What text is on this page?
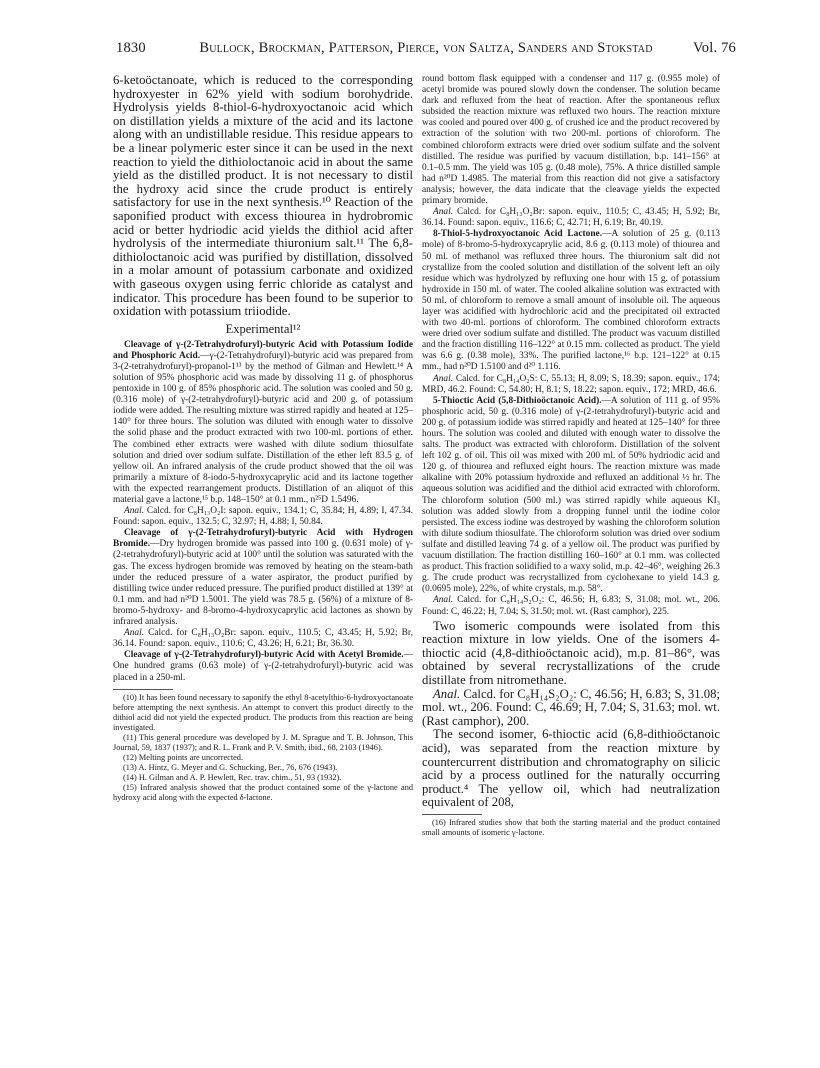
1830	Bullock, Brockman, Patterson, Pierce, von Saltza, Sanders and Stokstad	Vol. 76

6-ketoöctanoate, which is reduced to the corresponding hydroxyester in 62% yield with sodium borohydride. Hydrolysis yields 8-thiol-6-hydroxyoctanoic acid which on distillation yields a mixture of the acid and its lactone along with an undistillable residue. This residue appears to be a linear polymeric ester since it can be used in the next reaction to yield the dithioloctanoic acid in about the same yield as the distilled product. It is not necessary to distil the hydroxy acid since the crude product is entirely satisfactory for use in the next synthesis.¹⁰ Reaction of the saponified product with excess thiourea in hydrobromic acid or better hydriodic acid yields the dithiol acid after hydrolysis of the intermediate thiuronium salt.¹¹ The 6,8-dithioloctanoic acid was purified by distillation, dissolved in a molar amount of potassium carbonate and oxidized with gaseous oxygen using ferric chloride as catalyst and indicator. This procedure has been found to be superior to oxidation with potassium triiodide.

Experimental¹²

Cleavage of γ-(2-Tetrahydrofuryl)-butyric Acid with Potassium Iodide and Phosphoric Acid.—γ-(2-Tetrahydrofuryl)-butyric acid was prepared from 3-(2-tetrahydrofuryl)-propanol-1¹³ by the method of Gilman and Hewlett.¹⁴ A solution of 95% phosphoric acid was made by dissolving 11 g. of phosphorus pentoxide in 100 g. of 85% phosphoric acid. The solution was cooled and 50 g. (0.316 mole) of γ-(2-tetrahydrofuryl)-butyric acid and 200 g. of potassium iodide were added. The resulting mixture was stirred rapidly and heated at 125–140° for three hours. The solution was diluted with enough water to dissolve the solid phase and the product extracted with two 100-ml. portions of ether. The combined ether extracts were washed with dilute sodium thiosulfate solution and dried over sodium sulfate. Distillation of the ether left 83.5 g. of yellow oil. An infrared analysis of the crude product showed that the oil was primarily a mixture of 8-iodo-5-hydroxycaprylic acid and its lactone together with the expected rearrangement products. Distillation of an aliquot of this material gave a lactone,¹⁵ b.p. 148–150° at 0.1 mm., n²⁵D 1.5496.

Anal. Calcd. for C₈H₁₃O₂I: sapon. equiv., 134.1; C, 35.84; H, 4.89; I, 47.34. Found: sapon. equiv., 132.5; C, 32.97; H, 4.88; I, 50.84.

Cleavage of γ-(2-Tetrahydrofuryl)-butyric Acid with Hydrogen Bromide.—Dry hydrogen bromide was passed into 100 g. (0.631 mole) of γ-(2-tetrahydrofuryl)-butyric acid at 100° until the solution was saturated with the gas. The excess hydrogen bromide was removed by heating on the steam-bath under the reduced pressure of a water aspirator, the product purified by distilling twice under reduced pressure. The purified product distilled at 139° at 0.1 mm. and had n²⁰D 1.5001. The yield was 78.5 g. (56%) of a mixture of 8-bromo-5-hydroxy- and 8-bromo-4-hydroxycaprylic acid lactones as shown by infrared analysis.

Anal. Calcd. for C₈H₁₃O₂Br: sapon. equiv., 110.5; C, 43.45; H, 5.92; Br, 36.14. Found: sapon. equiv., 110.6; C, 43.26; H, 6.21; Br, 36.30.

Cleavage of γ-(2-Tetrahydrofuryl)-butyric Acid with Acetyl Bromide.—One hundred grams (0.63 mole) of γ-(2-tetrahydrofuryl)-butyric acid was placed in a 250-ml.

(10) It has been found necessary to saponify the ethyl 8-acetylthio-6-hydroxyoctanoate before attempting the next synthesis. An attempt to convert this product directly to the dithiol acid did not yield the expected product. The products from this reaction are being investigated.

(11) This general procedure was developed by J. M. Sprague and T. B. Johnson, This Journal, 59, 1837 (1937); and R. L. Frank and P. V. Smith, ibid., 68, 2103 (1946).

(12) Melting points are uncorrected.

(13) A. Hintz, G. Meyer and G. Schucking, Ber., 76, 676 (1943).

(14) H. Gilman and A. P. Hewlett, Rec. trav. chim., 51, 93 (1932).

(15) Infrared analysis showed that the product contained some of the γ-lactone and hydroxy acid along with the expected δ-lactone.

round bottom flask equipped with a condenser and 117 g. (0.955 mole) of acetyl bromide was poured slowly down the condenser. The solution became dark and refluxed from the heat of reaction. After the spontaneous reflux subsided the reaction mixture was refluxed two hours. The reaction mixture was cooled and poured over 400 g. of crushed ice and the product recovered by extraction of the solution with two 200-ml. portions of chloroform. The combined chloroform extracts were dried over sodium sulfate and the solvent distilled. The residue was purified by vacuum distillation, b.p. 141–156° at 0.1–0.5 mm. The yield was 105 g. (0.48 mole), 75%. A thrice distilled sample had n²⁰D 1.4985. The material from this reaction did not give a satisfactory analysis; however, the data indicate that the cleavage yields the expected primary bromide.

Anal. Calcd. for C₈H₁₃O₂Br: sapon. equiv., 110.5; C, 43.45; H, 5.92; Br, 36.14. Found: sapon. equiv., 116.6; C, 42.71; H, 6.19; Br, 40.19.

8-Thiol-5-hydroxyoctanoic Acid Lactone.—A solution of 25 g. (0.113 mole) of 8-bromo-5-hydroxycaprylic acid, 8.6 g. (0.113 mole) of thiourea and 50 ml. of methanol was refluxed three hours. The thiuronium salt did not crystallize from the cooled solution and distillation of the solvent left an oily residue which was hydrolyzed by refluxing one hour with 15 g. of potassium hydroxide in 150 ml. of water. The cooled alkaline solution was extracted with 50 ml. of chloroform to remove a small amount of insoluble oil. The aqueous layer was acidified with hydrochloric acid and the precipitated oil extracted with two 40-ml. portions of chloroform. The combined chloroform extracts were dried over sodium sulfate and distilled. The product was vacuum distilled and the fraction distilling 116–122° at 0.15 mm. collected as product. The yield was 6.6 g. (0.38 mole), 33%. The purified lactone,¹⁶ b.p. 121–122° at 0.15 mm., had n²⁰D 1.5100 and d²⁰ 1.116.

Anal. Calcd. for C₈H₁₄O₂S: C, 55.13; H, 8.09; S, 18.39; sapon. equiv., 174; MRD, 46.2. Found: C, 54.80; H, 8.1; S, 18.22; sapon. equiv., 172; MRD, 46.6.

5-Thioctic Acid (5,8-Dithioöctanoic Acid).—A solution of 111 g. of 95% phosphoric acid, 50 g. (0.316 mole) of γ-(2-tetrahydrofuryl)-butyric acid and 200 g. of potassium iodide was stirred rapidly and heated at 125–140° for three hours. The solution was cooled and diluted with enough water to dissolve the salts. The product was extracted with chloroform. Distillation of the solvent left 102 g. of oil. This oil was mixed with 200 ml. of 50% hydriodic acid and 120 g. of thiourea and refluxed eight hours. The reaction mixture was made alkaline with 20% potassium hydroxide and refluxed an additional ½ hr. The aqueous solution was acidified and the dithiol acid extracted with chloroform. The chloroform solution (500 ml.) was stirred rapidly while aqueous KI₃ solution was added slowly from a dropping funnel until the iodine color persisted. The excess iodine was destroyed by washing the chloroform solution with dilute sodium thiosulfate. The chloroform solution was dried over sodium sulfate and distilled leaving 74 g. of a yellow oil. The product was purified by vacuum distillation. The fraction distilling 160–160° at 0.1 mm. was collected as product. This fraction solidified to a waxy solid, m.p. 42–46°, weighing 26.3 g. The crude product was recrystallized from cyclohexane to yield 14.3 g. (0.0695 mole), 22%, of white crystals, m.p. 58°.

Anal. Calcd. for C₈H₁₄S₂O₂: C, 46.56; H, 6.83; S, 31.08; mol. wt., 206. Found: C, 46.22; H, 7.04; S, 31.50; mol. wt. (Rast camphor), 225.

Two isomeric compounds were isolated from this reaction mixture in low yields. One of the isomers 4-thioctic acid (4,8-dithioöctanoic acid), m.p. 81–86°, was obtained by several recrystallizations of the crude distillate from nitromethane.

Anal. Calcd. for C₈H₁₄S₂O₂: C, 46.56; H, 6.83; S, 31.08; mol. wt., 206. Found: C, 46.69; H, 7.04; S, 31.63; mol. wt. (Rast camphor), 200.

The second isomer, 6-thioctic acid (6,8-dithioöctanoic acid), was separated from the reaction mixture by countercurrent distribution and chromatography on silicic acid by a process outlined for the naturally occurring product.⁴ The yellow oil, which had neutralization equivalent of 208,

(16) Infrared studies show that both the starting material and the product contained small amounts of isomeric γ-lactone.
